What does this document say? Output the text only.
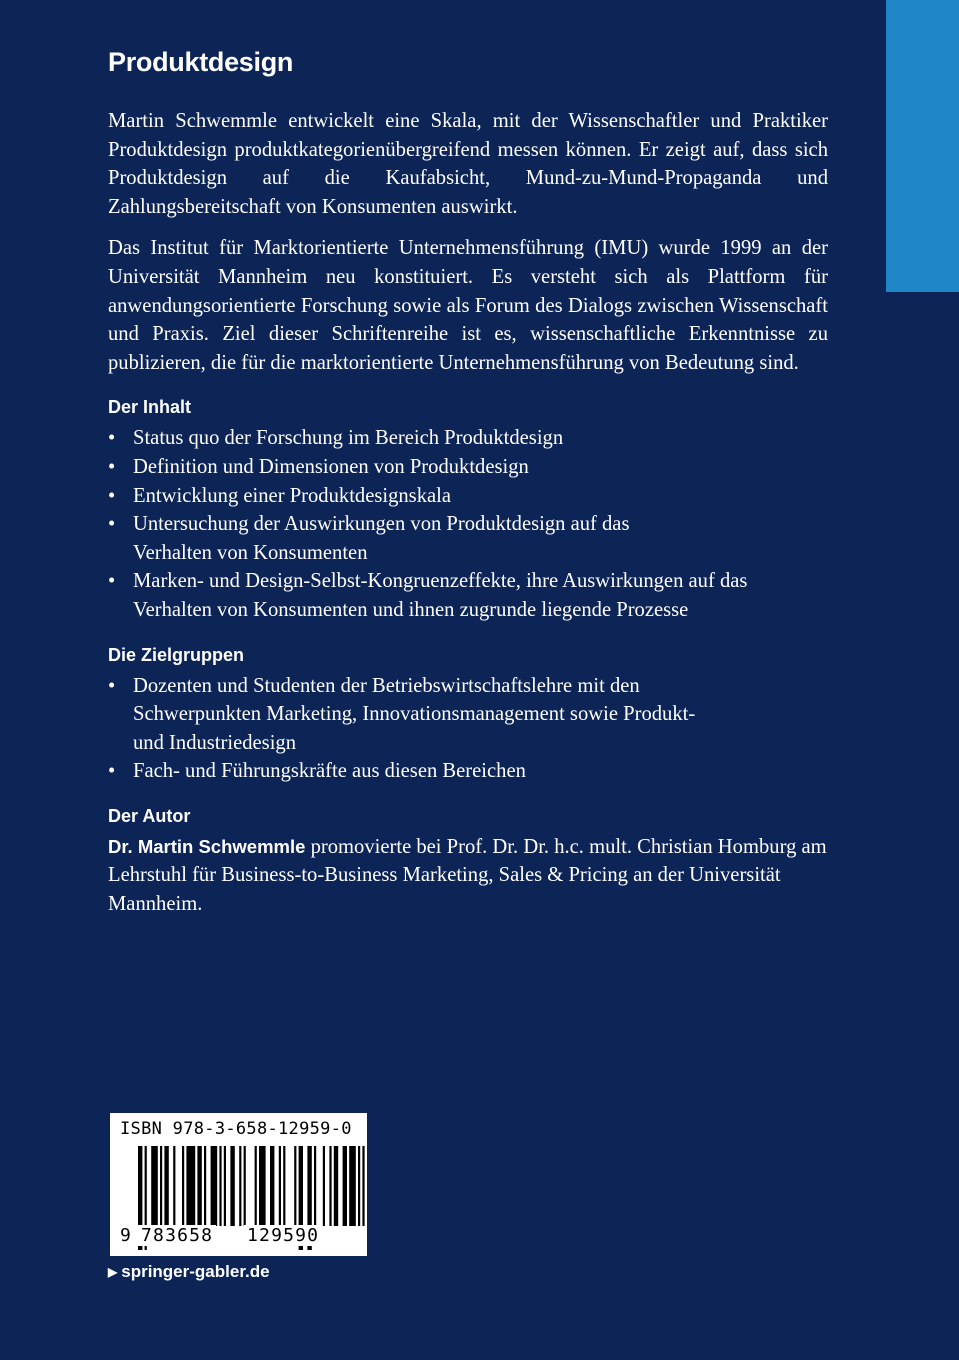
Produktdesign

Martin Schwemmle entwickelt eine Skala, mit der Wissenschaftler und Praktiker Produktdesign produktkategorienübergreifend messen können. Er zeigt auf, dass sich Produktdesign auf die Kaufabsicht, Mund-zu-Mund-Propaganda und Zahlungsbereitschaft von Konsumenten auswirkt.

Das Institut für Marktorientierte Unternehmensführung (IMU) wurde 1999 an der Universität Mannheim neu konstituiert. Es versteht sich als Plattform für anwendungsorientierte Forschung sowie als Forum des Dialogs zwischen Wissenschaft und Praxis. Ziel dieser Schriftenreihe ist es, wissenschaftliche Erkenntnisse zu publizieren, die für die marktorientierte Unternehmensführung von Bedeutung sind.

Der Inhalt
• Status quo der Forschung im Bereich Produktdesign
• Definition und Dimensionen von Produktdesign
• Entwicklung einer Produktdesignskala
• Untersuchung der Auswirkungen von Produktdesign auf das Verhalten von Konsumenten
• Marken- und Design-Selbst-Kongruenzeffekte, ihre Auswirkungen auf das Verhalten von Konsumenten und ihnen zugrunde liegende Prozesse
Die Zielgruppen
• Dozenten und Studenten der Betriebswirtschaftslehre mit den Schwerpunkten Marketing, Innovationsmanagement sowie Produkt- und Industriedesign
• Fach- und Führungskräfte aus diesen Bereichen
Der Autor

Dr. Martin Schwemmle promovierte bei Prof. Dr. Dr. h.c. mult. Christian Homburg am Lehrstuhl für Business-to-Business Marketing, Sales & Pricing an der Universität Mannheim.

ISBN 978-3-658-12959-0
9 783658 129590
▶ springer-gabler.de
